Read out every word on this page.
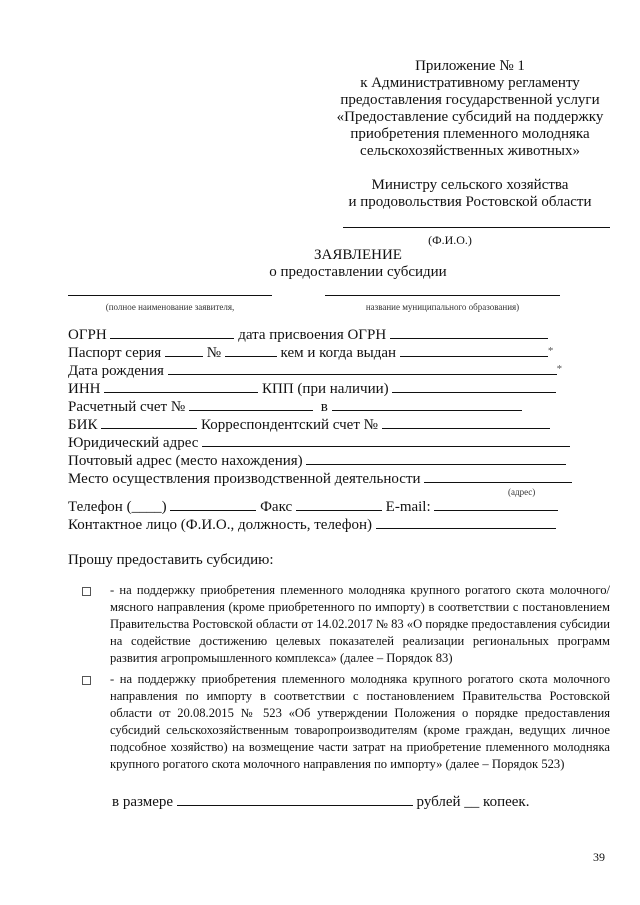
Приложение № 1
к Административному регламенту
предоставления государственной услуги
«Предоставление субсидий на поддержку
приобретения племенного молодняка
сельскохозяйственных животных»
Министру сельского хозяйства
и продовольствия Ростовской области
(Ф.И.О.)
ЗАЯВЛЕНИЕ
о предоставлении субсидии
(полное наименование заявителя,	название муниципального образования)
ОГРН	дата присвоения ОГРН
Паспорт серия	№	кем и когда выдан	*
Дата рождения	*
ИНН	КПП (при наличии)
Расчетный счет №	в
БИК	Корреспондентский счет №
Юридический адрес
Почтовый адрес (место нахождения)
Место осуществления производственной деятельности
(адрес)
Телефон (____)	Факс	E-mail:
Контактное лицо (Ф.И.О., должность, телефон)
Прошу предоставить субсидию:
- на поддержку приобретения племенного молодняка крупного рогатого скота молочного/мясного направления (кроме приобретенного по импорту) в соответствии с постановлением Правительства Ростовской области от 14.02.2017 № 83 «О порядке предоставления субсидии на содействие достижению целевых показателей реализации региональных программ развития агропромышленного комплекса» (далее – Порядок 83)
- на поддержку приобретения племенного молодняка крупного рогатого скота молочного направления по импорту в соответствии с постановлением Правительства Ростовской области от 20.08.2015 № 523 «Об утверждении Положения о порядке предоставления субсидий сельскохозяйственным товаропроизводителям (кроме граждан, ведущих личное подсобное хозяйство) на возмещение части затрат на приобретение племенного молодняка крупного рогатого скота молочного направления по импорту» (далее – Порядок 523)
в размере	рублей __ копеек.
39
